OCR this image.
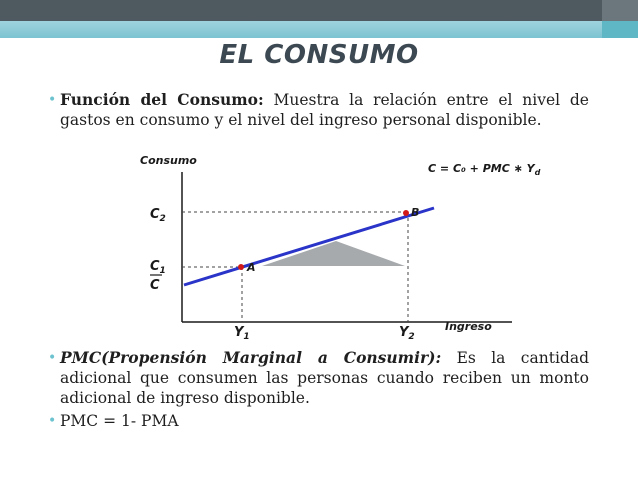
EL CONSUMO
• Función del Consumo: Muestra la relación entre el nivel de gastos en consumo y el nivel del ingreso personal disponible.
A
B
Consumo
Ingreso
C = C₀ + PMC ∗ $Y_d$
$C_2$
$C_1$
C
$Y_1$	$Y_2$
• PMC(Propensión Marginal a Consumir): Es la cantidad adicional que consumen las personas cuando reciben un monto adicional de ingreso disponible.
• PMC = 1- PMA
